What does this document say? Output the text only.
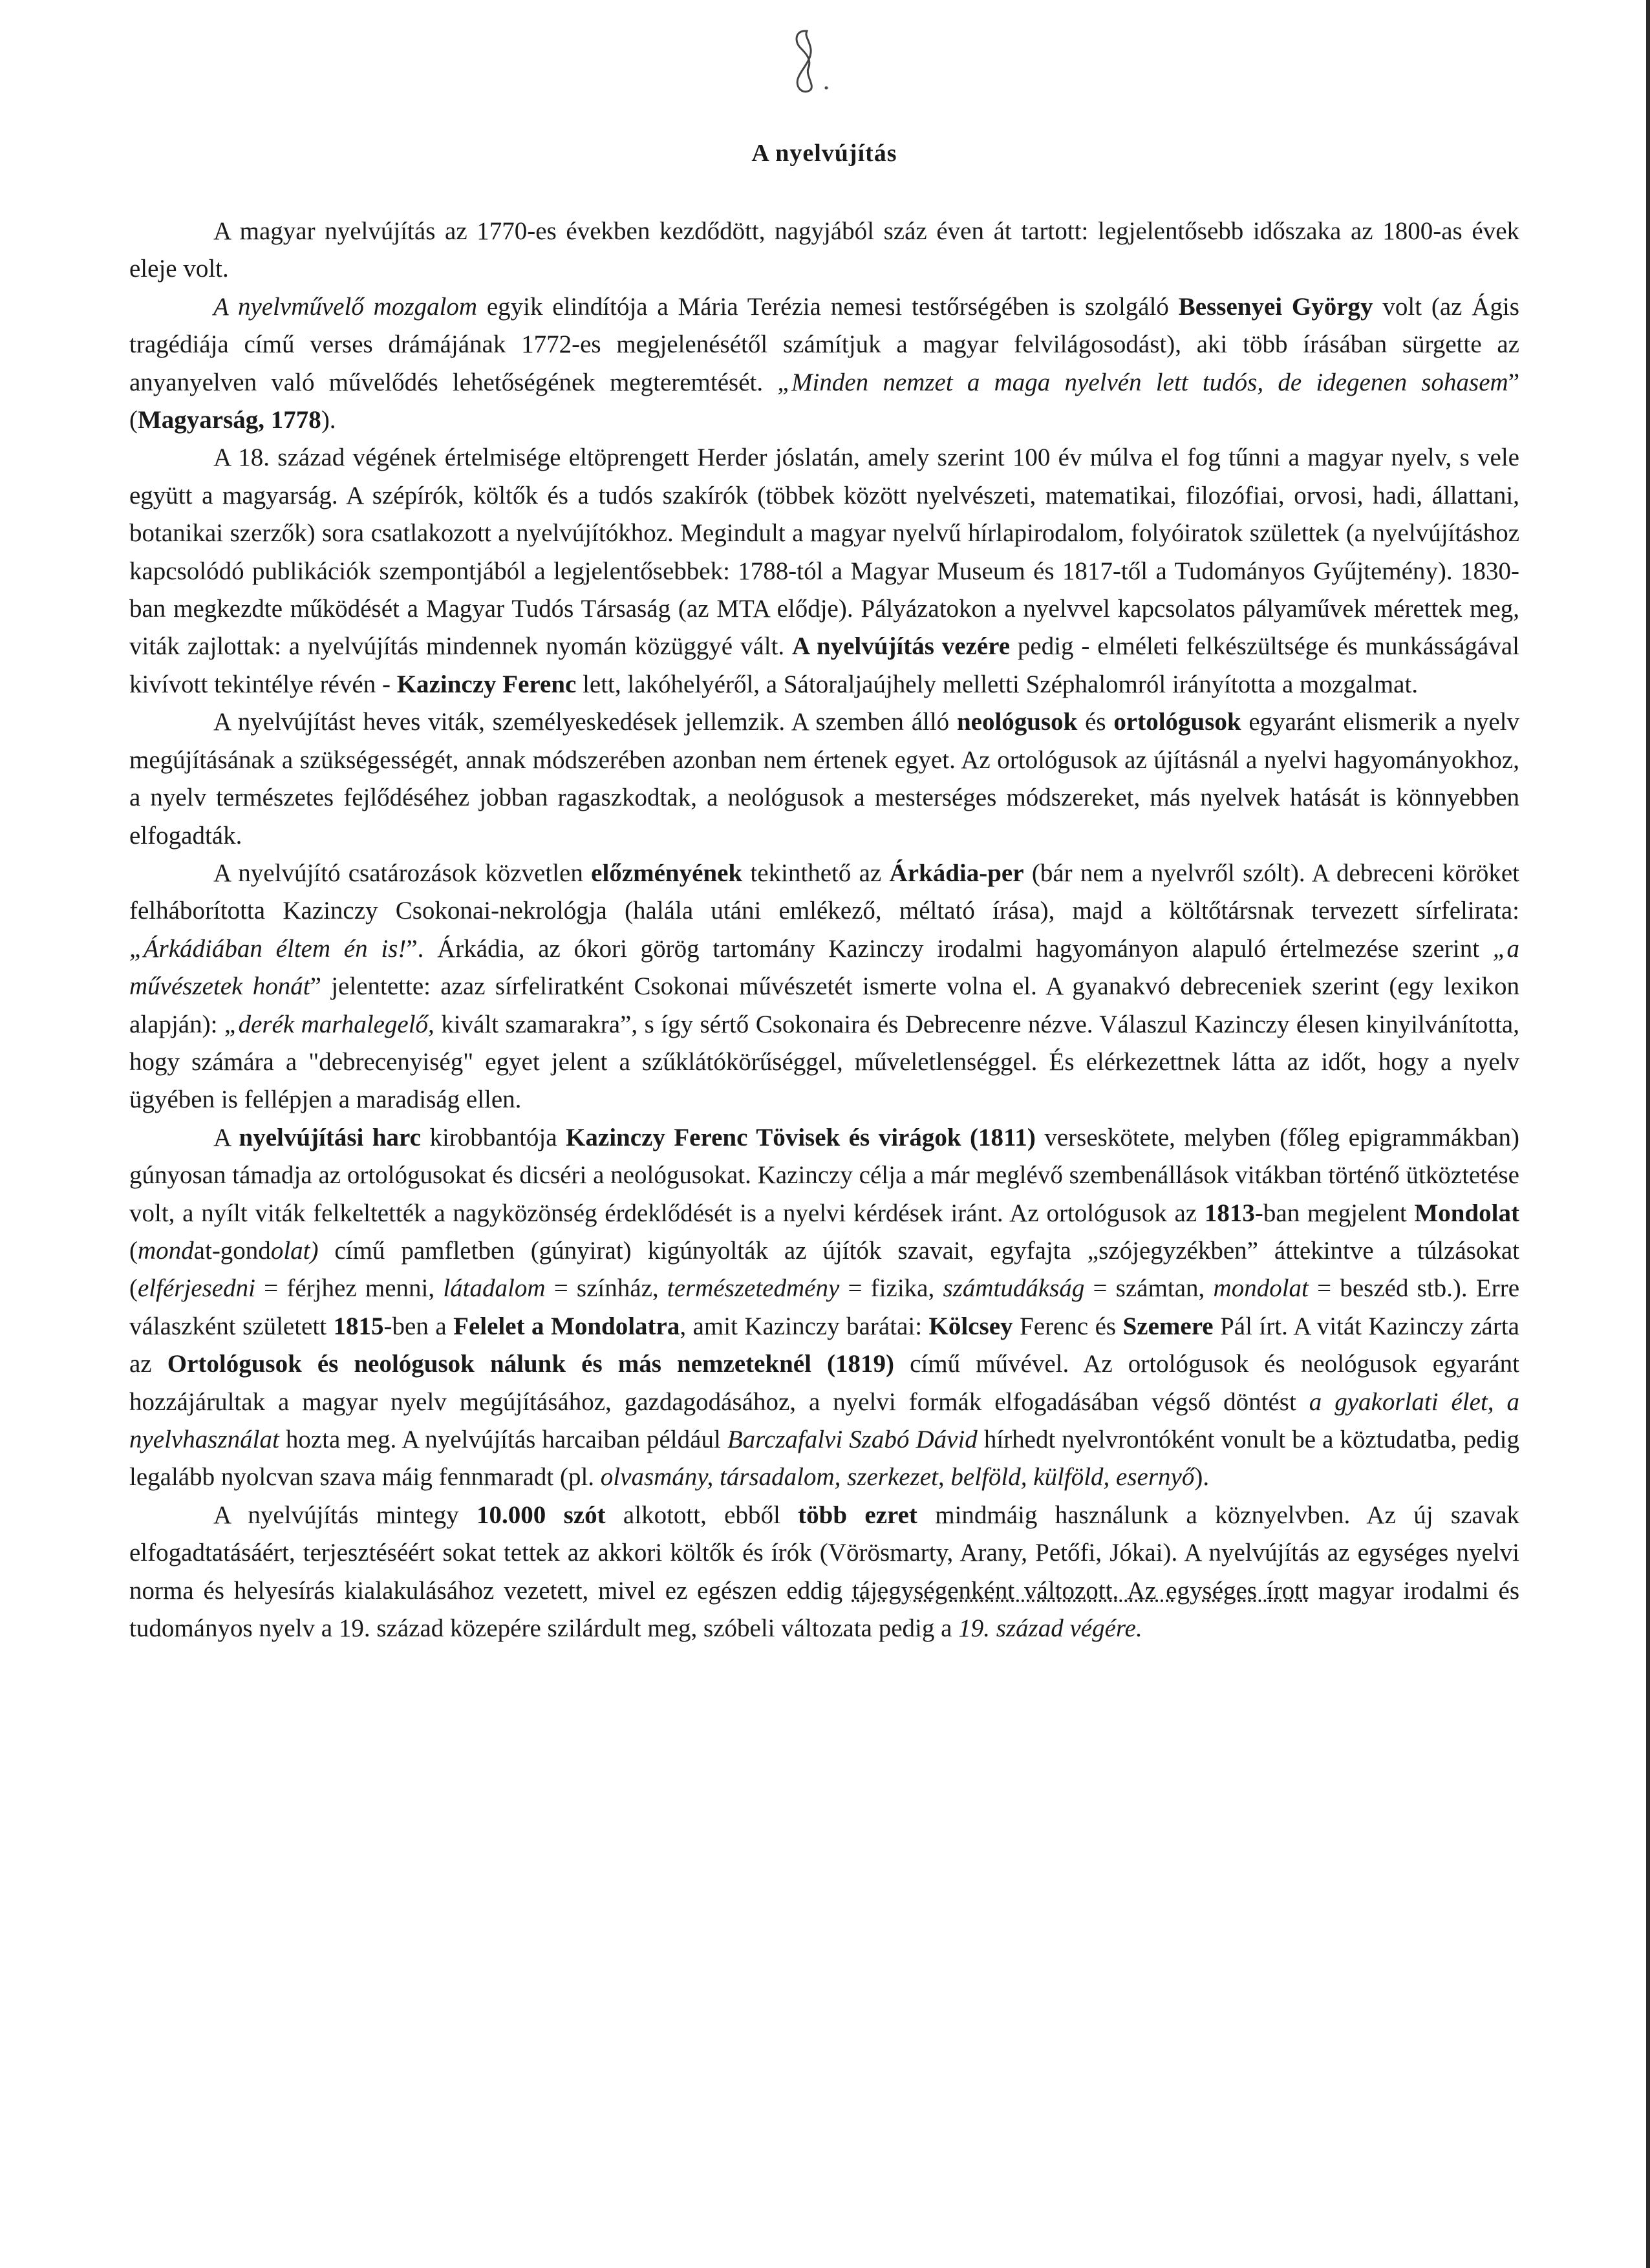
A nyelvújítás

A magyar nyelvújítás az 1770-es években kezdődött, nagyjából száz éven át tartott: legjelentősebb időszaka az 1800-as évek eleje volt.

A nyelvművelő mozgalom egyik elindítója a Mária Terézia nemesi testőrségében is szolgáló Bessenyei György volt (az Ágis tragédiája című verses drámájának 1772-es megjelenésétől számítjuk a magyar felvilágosodást), aki több írásában sürgette az anyanyelven való művelődés lehetőségének megteremtését. „Minden nemzet a maga nyelvén lett tudós, de idegenen sohasem” (Magyarság, 1778).

A 18. század végének értelmisége eltöprengett Herder jóslatán, amely szerint 100 év múlva el fog tűnni a magyar nyelv, s vele együtt a magyarság. A szépírók, költők és a tudós szakírók (többek között nyelvészeti, matematikai, filozófiai, orvosi, hadi, állattani, botanikai szerzők) sora csatlakozott a nyelvújítókhoz. Megindult a magyar nyelvű hírlapirodalom, folyóiratok születtek (a nyelvújításhoz kapcsolódó publikációk szempontjából a legjelentősebbek: 1788-tól a Magyar Museum és 1817-től a Tudományos Gyűjtemény). 1830-ban megkezdte működését a Magyar Tudós Társaság (az MTA elődje). Pályázatokon a nyelvvel kapcsolatos pályaművek mérettek meg, viták zajlottak: a nyelvújítás mindennek nyomán közüggyé vált. A nyelvújítás vezére pedig - elméleti felkészültsége és munkásságával kivívott tekintélye révén - Kazinczy Ferenc lett, lakóhelyéről, a Sátoraljaújhely melletti Széphalomról irányította a mozgalmat.

A nyelvújítást heves viták, személyeskedések jellemzik. A szemben álló neológusok és ortológusok egyaránt elismerik a nyelv megújításának a szükségességét, annak módszerében azonban nem értenek egyet. Az ortológusok az újításnál a nyelvi hagyományokhoz, a nyelv természetes fejlődéséhez jobban ragaszkodtak, a neológusok a mesterséges módszereket, más nyelvek hatását is könnyebben elfogadták.

A nyelvújító csatározások közvetlen előzményének tekinthető az Árkádia-per (bár nem a nyelvről szólt). A debreceni köröket felháborította Kazinczy Csokonai-nekrológja (halála utáni emlékező, méltató írása), majd a költőtársnak tervezett sírfelirata: „Árkádiában éltem én is!”. Árkádia, az ókori görög tartomány Kazinczy irodalmi hagyományon alapuló értelmezése szerint „a művészetek honát” jelentette: azaz sírfeliratként Csokonai művészetét ismerte volna el. A gyanakvó debreceniek szerint (egy lexikon alapján): „derék marhalegelő, kivált szamarakra”, s így sértő Csokonaira és Debrecenre nézve. Válaszul Kazinczy élesen kinyilvánította, hogy számára a "debrecenyiség" egyet jelent a szűklátókörűséggel, műveletlenséggel. És elérkezettnek látta az időt, hogy a nyelv ügyében is fellépjen a maradiság ellen.

A nyelvújítási harc kirobbantója Kazinczy Ferenc Tövisek és virágok (1811) verseskötete, melyben (főleg epigrammákban) gúnyosan támadja az ortológusokat és dicséri a neológusokat. Kazinczy célja a már meglévő szembenállások vitákban történő ütköztetése volt, a nyílt viták felkeltették a nagyközönség érdeklődését is a nyelvi kérdések iránt. Az ortológusok az 1813-ban megjelent Mondolat (mondat-gondolat) című pamfletben (gúnyirat) kigúnyolták az újítók szavait, egyfajta „szójegyzékben” áttekintve a túlzásokat (elférjesedni = férjhez menni, látadalom = színház, természetedmény = fizika, számtudákság = számtan, mondolat = beszéd stb.). Erre válaszként született 1815-ben a Felelet a Mondolatra, amit Kazinczy barátai: Kölcsey Ferenc és Szemere Pál írt. A vitát Kazinczy zárta az Ortológusok és neológusok nálunk és más nemzeteknél (1819) című művével. Az ortológusok és neológusok egyaránt hozzájárultak a magyar nyelv megújításához, gazdagodásához, a nyelvi formák elfogadásában végső döntést a gyakorlati élet, a nyelvhasználat hozta meg. A nyelvújítás harcaiban például Barczafalvi Szabó Dávid hírhedt nyelvrontóként vonult be a köztudatba, pedig legalább nyolcvan szava máig fennmaradt (pl. olvasmány, társadalom, szerkezet, belföld, külföld, esernyő).

A nyelvújítás mintegy 10.000 szót alkotott, ebből több ezret mindmáig használunk a köznyelvben. Az új szavak elfogadtatásáért, terjesztéséért sokat tettek az akkori költők és írók (Vörösmarty, Arany, Petőfi, Jókai). A nyelvújítás az egységes nyelvi norma és helyesírás kialakulásához vezetett, mivel ez egészen eddig tájegységenként változott. Az egységes írott magyar irodalmi és tudományos nyelv a 19. század közepére szilárdult meg, szóbeli változata pedig a 19. század végére.
